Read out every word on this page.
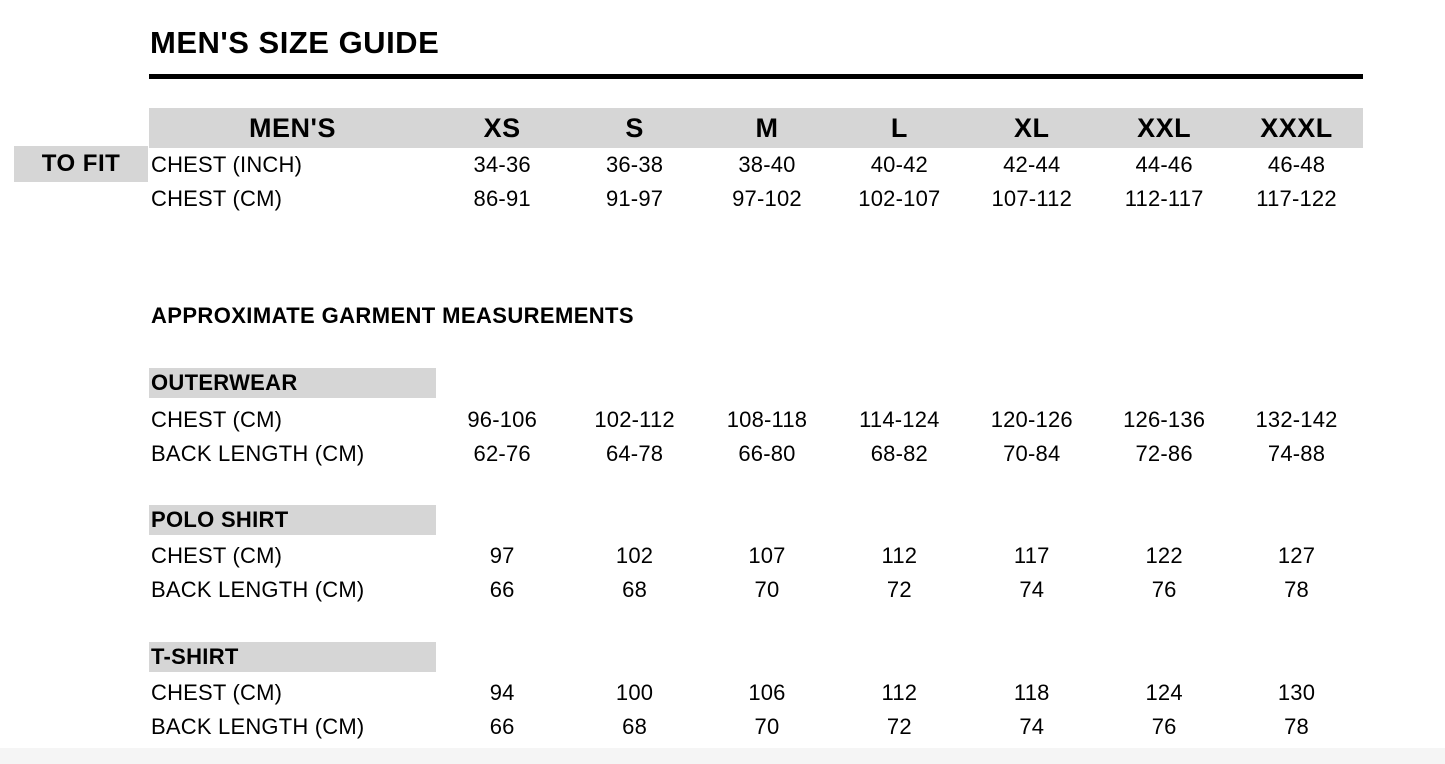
MEN'S SIZE GUIDE
TO FIT
MEN'S	XS	S	M	L	XL	XXL	XXXL
CHEST (INCH)	34-36	36-38	38-40	40-42	42-44	44-46	46-48
CHEST (CM)	86-91	91-97	97-102	102-107	107-112	112-117	117-122
APPROXIMATE GARMENT MEASUREMENTS
OUTERWEAR
CHEST (CM)	96-106	102-112	108-118	114-124	120-126	126-136	132-142
BACK LENGTH (CM)	62-76	64-78	66-80	68-82	70-84	72-86	74-88
POLO SHIRT
CHEST (CM)	97	102	107	112	117	122	127
BACK LENGTH (CM)	66	68	70	72	74	76	78
T-SHIRT
CHEST (CM)	94	100	106	112	118	124	130
BACK LENGTH (CM)	66	68	70	72	74	76	78
